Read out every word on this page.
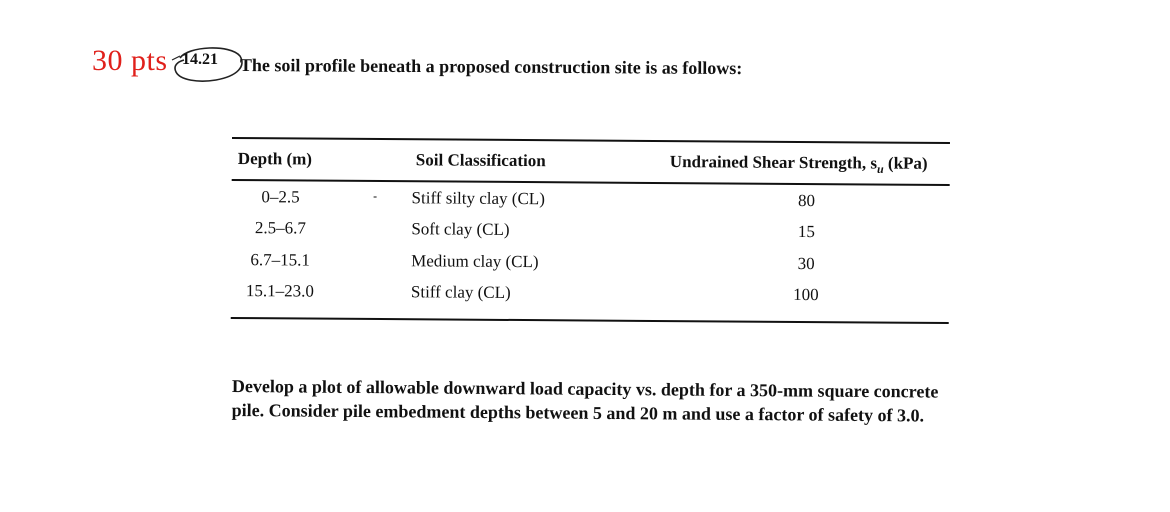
30 pts 14.21 The soil profile beneath a proposed construction site is as follows:
Depth (m)	Soil Classification	Undrained Shear Strength, $s_u$ (kPa)
0–2.5	Stiff silty clay (CL)	80
2.5–6.7	Soft clay (CL)	15
6.7–15.1	Medium clay (CL)	30
15.1–23.0	Stiff clay (CL)	100
Develop a plot of allowable downward load capacity vs. depth for a 350-mm square concrete
pile. Consider pile embedment depths between 5 and 20 m and use a factor of safety of 3.0.
